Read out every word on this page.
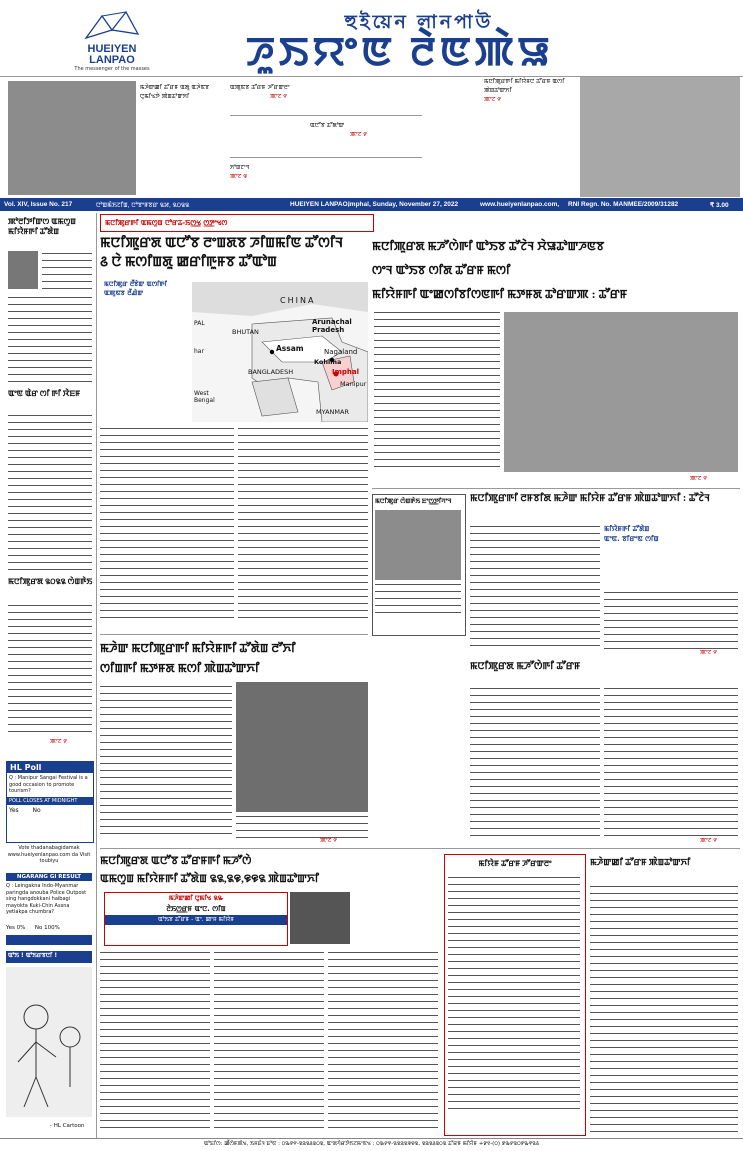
HUEIYEN
LANPAO
The messenger of the masses
হুইয়েন লানপাউ
ꯍꯨꯏꯌꯦꯟ ꯂꯥꯟꯄꯥꯎ
ꯃꯍꯥꯛꯀꯤ ꯊꯧꯔꯝ ꯑꯗꯨ ꯑꯍꯥꯟꯕ ꯅꯨꯃꯤꯠꯇꯥ ꯄꯥꯡꯊꯣꯛꯈꯤ
ꯑꯄꯨꯟꯕ ꯊꯧꯔꯝ ꯍꯧꯔꯛꯂꯦ
ꯄꯦꯖ ꯵
ꯑꯅꯧꯕ ꯊꯧꯗꯣꯛ
ꯄꯦꯖ ꯸
ꯈꯣꯡꯖꯦꯜ
ꯄꯦꯖ ꯶
ꯃꯅꯤꯄꯨꯔꯒꯤ ꯃꯤꯌꯥꯝꯅ ꯊꯧꯔꯝ ꯑꯁꯤ ꯄꯥꯡꯊꯣꯛꯈꯤ
ꯄꯦꯖ ꯵
Vol. XIV, Issue No. 217	ꯅꯣꯡꯃꯥꯏꯖꯤꯡ, ꯅꯣꯕꯦꯝꯕꯔ ꯲꯷, ꯲꯰꯲꯲	HUEIYEN LANPAO,
Imphal, Sunday, November 27, 2022	www.hueiyenlanpao.com, RNI Regn. No. MANMEE/2009/31282	₹ 3.00
ꯄꯣꯂꯤꯇꯤꯛꯁ ꯑꯃꯁꯨꯡ ꯃꯤꯌꯥꯝꯒꯤ ꯊꯧꯗꯥꯡ
ꯑꯦꯟ ꯑꯥꯔ ꯁꯤ ꯒꯤ ꯋꯥꯐꯝ
ꯃꯅꯤꯄꯨꯔꯗ ꯲꯰꯲꯲ ꯁꯥꯡꯒꯥꯏ
ꯄꯦꯖ ꯸
HL Poll
Q : Manipur Sangai Festival is a good occasion to promote tourism?
POLL CLOSES AT MIDNIGHT
Yes No
Vote thadanabagidamak www.hueiyenlanpao.com da Visit toubiyu
NGARANG GI RESULT
Q : Leingakna Indo-Myanmar paringda anouba Police Outpost sing hangdokkani haibagi mayokta Kuki-Chin Assna yetlakpa chumbra?
Yes 0% No 100%
ꯑꯣꯏ ! ꯑꯣꯏꯔꯕꯅꯤ !
- HL Cartoon
ꯃꯅꯤꯄꯨꯔꯒꯤ ꯑꯃꯁꯨꯡ ꯅꯣꯔꯊ-ꯏꯁ꯭ꯠ ꯁ꯭ꯇꯦꯠꯁ
ꯃꯅꯤꯄꯨꯔꯗ ꯑꯅꯧꯕ ꯂꯦꯡꯗꯕ ꯍꯤꯡꯃꯤꯟ ꯊꯧꯁꯤꯜ
꯴ ꯅꯥ ꯃꯁꯤꯡꯗꯨ ꯀꯔꯤꯒꯨꯝꯕ ꯊꯧꯑꯣꯡ
ꯃꯅꯤꯄꯨꯔ ꯂꯩꯕꯥꯛ ꯑꯁꯤꯒꯤ ꯑꯄꯨꯟꯕ ꯂꯩꯉꯥꯛ
CHINA
Arunachal Pradesh
BHUTAN
PAL
har	Assam	Nagaland
Kohima
Imphal
Manipur
BANGLADESH
West Bengal
MYANMAR
ꯃꯅꯤꯄꯨꯔꯗ ꯃꯍꯧꯁꯥꯒꯤ ꯑꯣꯏꯕ ꯊꯧꯖꯥꯜ ꯆꯥꯎꯊꯣꯛꯍꯟꯕ
ꯁꯦꯜ ꯑꯣꯏꯕ ꯁꯤꯗ ꯊꯧꯔꯝ ꯃꯁꯤ
ꯃꯤꯌꯥꯝꯒꯤ ꯑꯦꯀꯁꯤꯕꯤꯁꯟꯒꯤ ꯃꯇꯝꯗ ꯊꯣꯔꯛꯄ : ꯊꯧꯔꯝ
ꯄꯦꯖ ꯵
ꯃꯅꯤꯄꯨꯔ ꯁꯥꯡꯒꯥꯏ ꯐꯦꯁ꯭ꯇꯤꯚꯦꯜ	ꯃꯅꯤꯄꯨꯔꯒꯤ ꯂꯝꯕꯤꯗ ꯃꯍꯥꯛ ꯃꯤꯌꯥꯝ ꯊꯧꯔꯝ ꯄꯥꯡꯊꯣꯛꯈꯤ : ꯊꯧꯖꯥꯜ
ꯃꯤꯌꯥꯝꯒꯤ ꯊꯧꯗꯥꯡ
ꯑꯦꯟ. ꯕꯤꯔꯦꯟ ꯁꯤꯡ
ꯄꯦꯖ ꯵
ꯃꯍꯥꯛ ꯃꯅꯤꯄꯨꯔꯒꯤ ꯃꯤꯌꯥꯝꯒꯤ ꯊꯧꯗꯥꯡ ꯂꯧꯈꯤ
ꯁꯤꯡꯒꯤ ꯃꯇꯝꯗ ꯃꯁꯤ ꯄꯥꯡꯊꯣꯛꯈꯤ
ꯄꯦꯖ ꯵
ꯃꯅꯤꯄꯨꯔꯗ ꯃꯍꯧꯁꯥꯒꯤ ꯊꯧꯔꯝ
ꯄꯦꯖ ꯵
ꯃꯅꯤꯄꯨꯔꯗ ꯑꯅꯧꯕ ꯊꯧꯔꯝꯒꯤ ꯃꯍꯧꯁꯥ
ꯑꯃꯁꯨꯡ ꯃꯤꯌꯥꯝꯒꯤ ꯊꯧꯗꯥꯡ ꯲꯲,꯲꯶,꯶꯶꯲ ꯄꯥꯡꯊꯣꯛꯈꯤ
ꯃꯍꯥꯛꯀꯤ ꯅꯨꯃꯤꯠ ꯲꯳
ꯂꯥꯏꯁ꯭ꯔꯝ ꯑꯦꯅ. ꯁꯤꯡ
ꯑꯣꯏꯕ ꯊꯧꯔꯝ - ꯑꯦ. ꯀꯦꯝ ꯃꯤꯌꯥꯝ
ꯃꯤꯌꯥꯝ ꯊꯧꯔꯝ ꯍꯧꯔꯛꯂꯦ	ꯃꯍꯥꯛꯀꯤ ꯊꯧꯔꯝ ꯄꯥꯡꯊꯣꯛꯈꯤ
ꯑꯣꯐꯤꯁ: ꯀꯩꯁꯥꯝꯄꯥꯠ, ꯏꯝꯐꯥꯜ ꯐꯣꯟ : ꯰꯳꯸꯵-꯲꯲꯲꯴꯲꯰꯲, ꯑꯦꯗꯚꯥꯔꯇꯥꯏꯖꯃꯦꯟꯠ : ꯰꯳꯸꯵-꯲꯲꯲꯲꯶꯶꯲, ꯲꯲꯲꯴꯲꯰꯲ ꯊꯧꯔꯝ ꯃꯤꯌꯥꯝ +꯹꯱-(꯰) ꯹꯳꯸꯲꯰꯸꯳꯵꯲꯴
